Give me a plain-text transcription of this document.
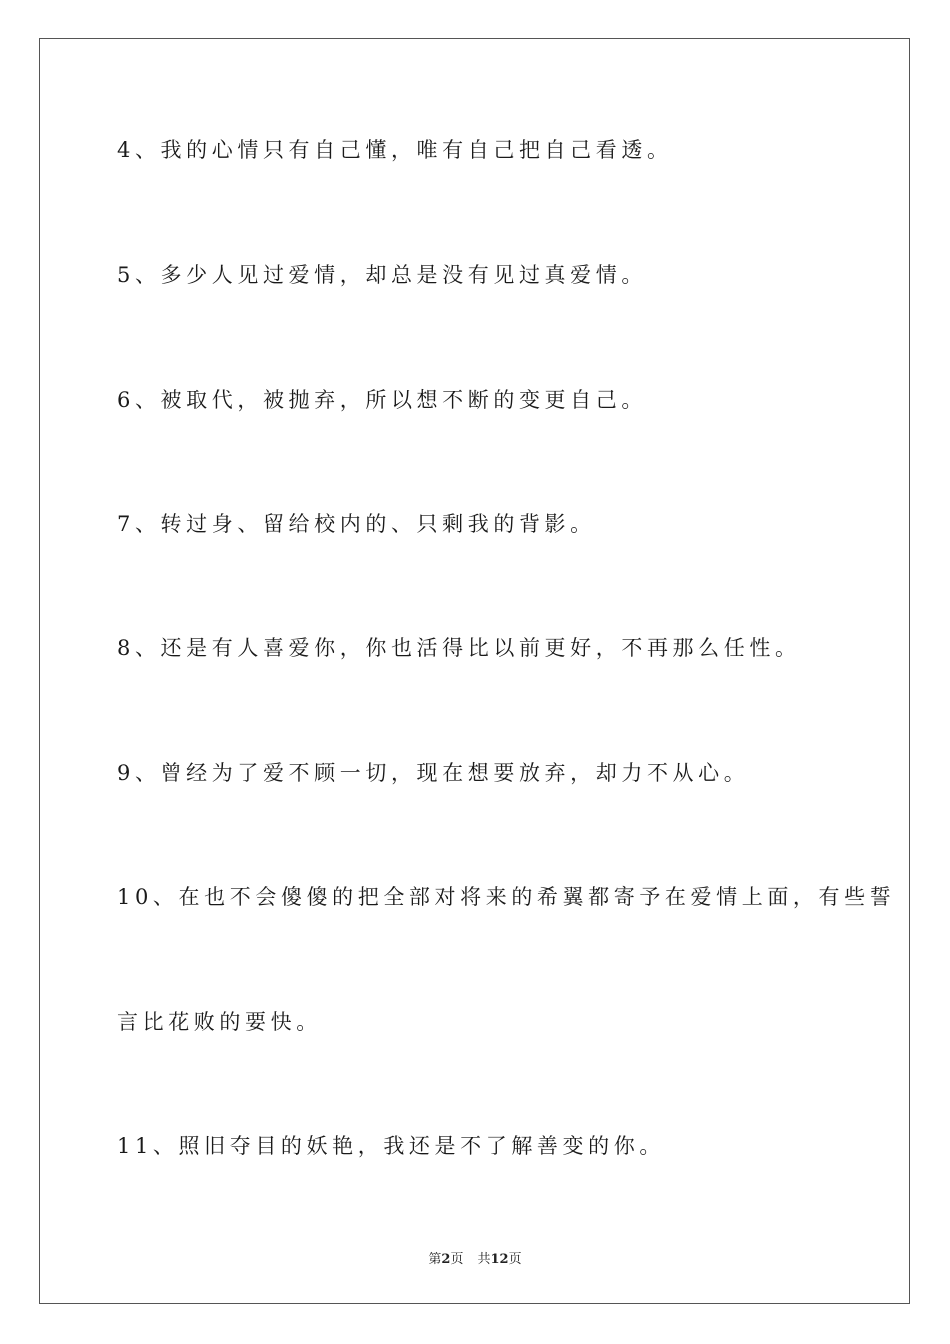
4、我的心情只有自己懂，唯有自己把自己看透。
5、多少人见过爱情，却总是没有见过真爱情。
6、被取代，被抛弃，所以想不断的变更自己。
7、转过身、留给校内的、只剩我的背影。
8、还是有人喜爱你，你也活得比以前更好，不再那么任性。
9、曾经为了爱不顾一切，现在想要放弃，却力不从心。
10、在也不会傻傻的把全部对将来的希翼都寄予在爱情上面，有些誓
言比花败的要快。
11、照旧夺目的妖艳，我还是不了解善变的你。
第2页 共12页
